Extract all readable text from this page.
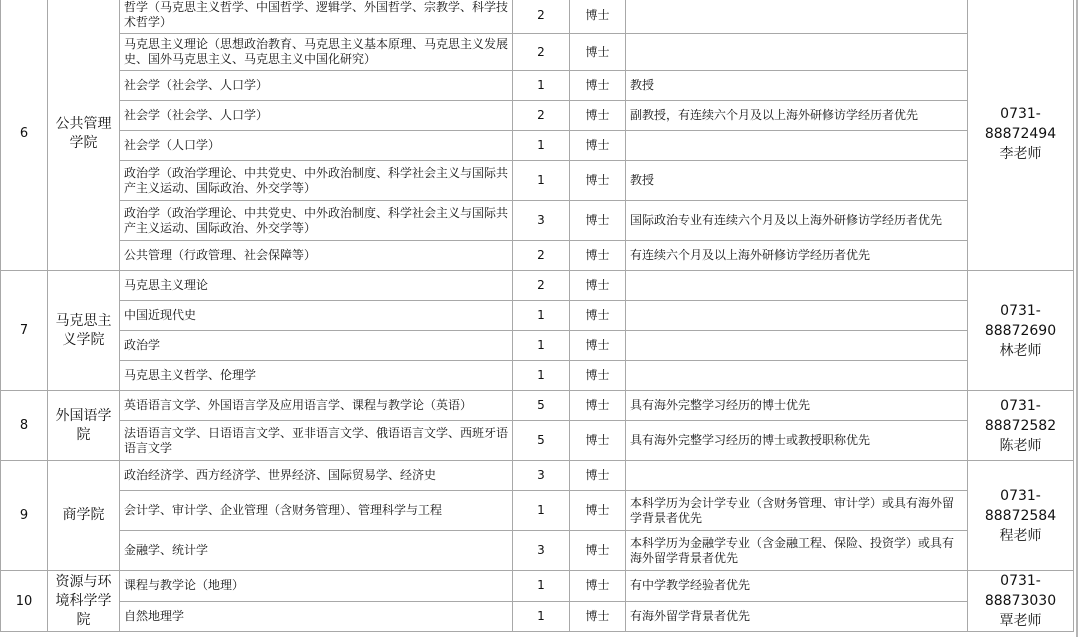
6	公共管理学院	哲学（马克思主义哲学、中国哲学、逻辑学、外国哲学、宗教学、科学技术哲学）	2	博士		0731-88872494
李老师

		马克思主义理论（思想政治教育、马克思主义基本原理、马克思主义发展史、国外马克思主义、马克思主义中国化研究）	2	博士		
		社会学（社会学、人口学）	1	博士	教授	
		社会学（社会学、人口学）	2	博士	副教授，有连续六个月及以上海外研修访学经历者优先	
		社会学（人口学）	1	博士		
		政治学（政治学理论、中共党史、中外政治制度、科学社会主义与国际共产主义运动、国际政治、外交学等）	1	博士	教授	
		政治学（政治学理论、中共党史、中外政治制度、科学社会主义与国际共产主义运动、国际政治、外交学等）	3	博士	国际政治专业有连续六个月及以上海外研修访学经历者优先	
		公共管理（行政管理、社会保障等）	2	博士	有连续六个月及以上海外研修访学经历者优先	
7	马克思主义学院	马克思主义理论	2	博士		0731-88872690
林老师

		中国近现代史	1	博士		
		政治学	1	博士		
		马克思主义哲学、伦理学	1	博士		
8	外国语学院	英语语言文学、外国语言学及应用语言学、课程与教学论（英语）	5	博士	具有海外完整学习经历的博士优先	0731-88872582
陈老师

		法语语言文学、日语语言文学、亚非语言文学、俄语语言文学、西班牙语语言文学	5	博士	具有海外完整学习经历的博士或教授职称优先	
9	商学院	政治经济学、西方经济学、世界经济、国际贸易学、经济史	3	博士		0731-88872584
程老师

		会计学、审计学、企业管理（含财务管理）、管理科学与工程	1	博士	本科学历为会计学专业（含财务管理、审计学）或具有海外留学背景者优先	
		金融学、统计学	3	博士	本科学历为金融学专业（含金融工程、保险、投资学）或具有海外留学背景者优先	
10	资源与环境科学学院	课程与教学论（地理）	1	博士	有中学教学经验者优先	0731-88873030
覃老师

		自然地理学	1	博士	有海外留学背景者优先	
